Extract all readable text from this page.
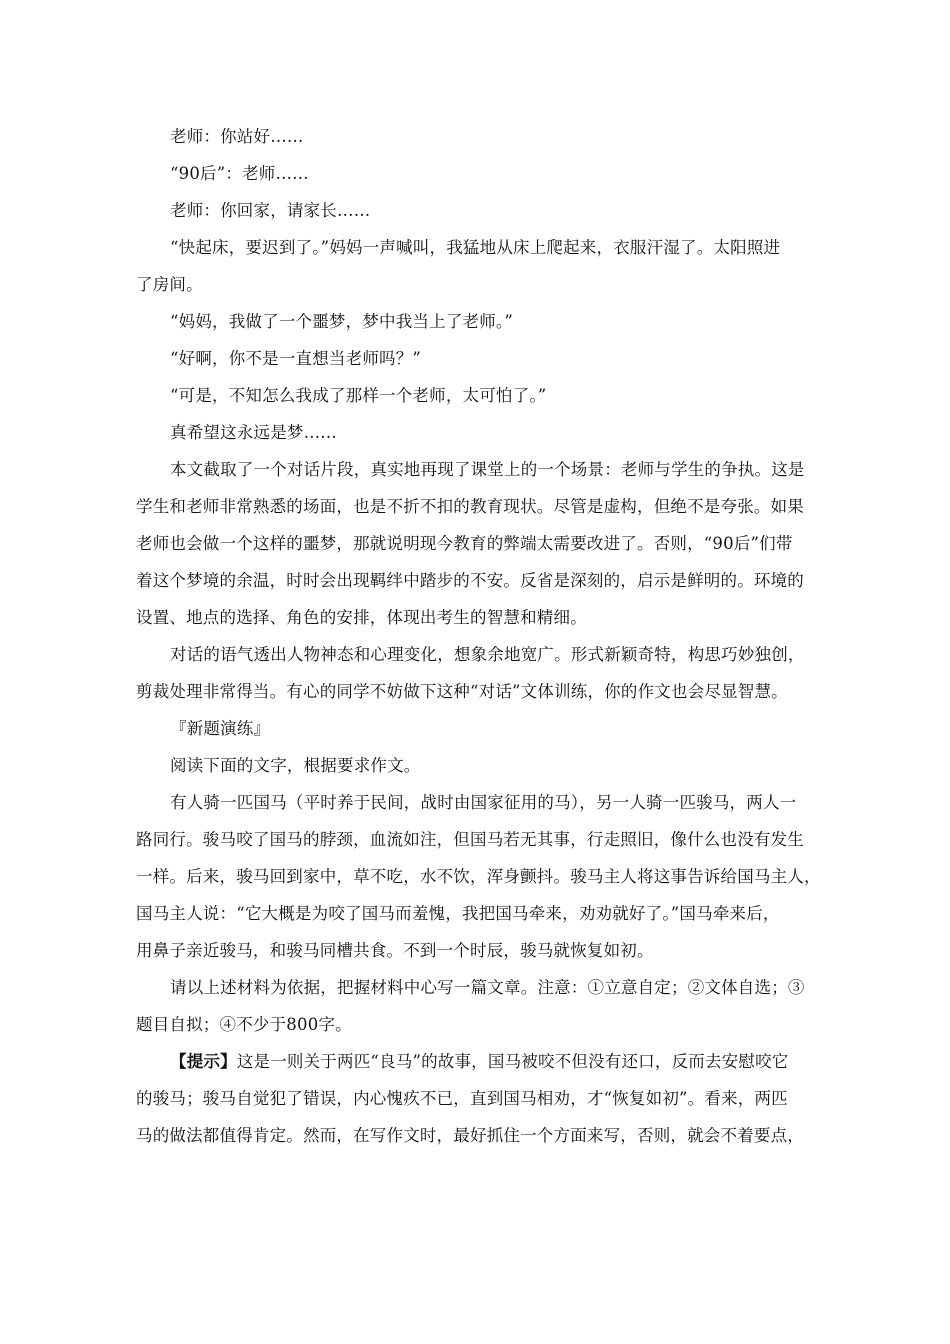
老师：你站好……

“90后”：老师……

老师：你回家，请家长……

“快起床，要迟到了。”妈妈一声喊叫，我猛地从床上爬起来，衣服汗湿了。太阳照进

了房间。

“妈妈，我做了一个噩梦，梦中我当上了老师。”

“好啊，你不是一直想当老师吗？”

“可是，不知怎么我成了那样一个老师，太可怕了。”

真希望这永远是梦……

本文截取了一个对话片段，真实地再现了课堂上的一个场景：老师与学生的争执。这是

学生和老师非常熟悉的场面，也是不折不扣的教育现状。尽管是虚构，但绝不是夸张。如果

老师也会做一个这样的噩梦，那就说明现今教育的弊端太需要改进了。否则，“90后”们带

着这个梦境的余温，时时会出现羁绊中踏步的不安。反省是深刻的，启示是鲜明的。环境的

设置、地点的选择、角色的安排，体现出考生的智慧和精细。

对话的语气透出人物神态和心理变化，想象余地宽广。形式新颖奇特，构思巧妙独创，

剪裁处理非常得当。有心的同学不妨做下这种“对话”文体训练，你的作文也会尽显智慧。

『新题演练』

阅读下面的文字，根据要求作文。

有人骑一匹国马（平时养于民间，战时由国家征用的马），另一人骑一匹骏马，两人一

路同行。骏马咬了国马的脖颈，血流如注，但国马若无其事，行走照旧，像什么也没有发生

一样。后来，骏马回到家中，草不吃，水不饮，浑身颤抖。骏马主人将这事告诉给国马主人，

国马主人说：“它大概是为咬了国马而羞愧，我把国马牵来，劝劝就好了。”国马牵来后，

用鼻子亲近骏马，和骏马同槽共食。不到一个时辰，骏马就恢复如初。

请以上述材料为依据，把握材料中心写一篇文章。注意：①立意自定；②文体自选；③

题目自拟；④不少于800字。

【提示】这是一则关于两匹“良马”的故事，国马被咬不但没有还口，反而去安慰咬它

的骏马；骏马自觉犯了错误，内心愧疚不已，直到国马相劝，才“恢复如初”。看来，两匹

马的做法都值得肯定。然而，在写作文时，最好抓住一个方面来写，否则，就会不着要点，
